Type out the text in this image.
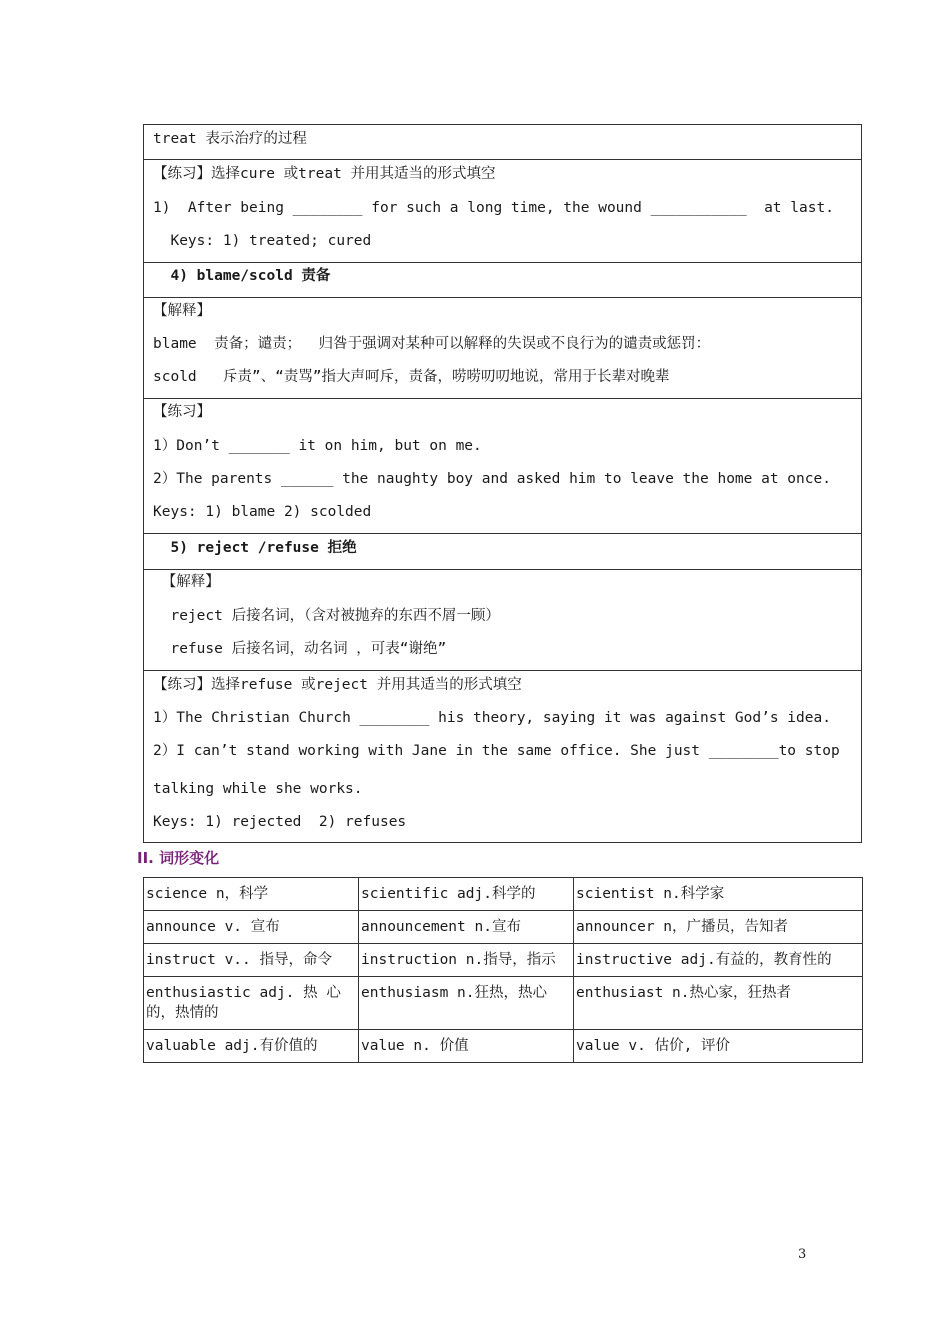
treat 表示治疗的过程
【练习】选择cure 或treat 并用其适当的形式填空
1)  After being ________ for such a long time, the wound ___________  at last.
Keys: 1) treated; cured
4) blame/scold 责备
【解释】
blame  责备；谴责；  归咎于强调对某种可以解释的失误或不良行为的谴责或惩罚：
scold   斥责”、“责骂”指大声呵斥，责备，唠唠叨叨地说，常用于长辈对晚辈
【练习】
1）Don’t _______ it on him, but on me.
2）The parents ______ the naughty boy and asked him to leave the home at once.
Keys: 1) blame 2) scolded
5) reject /refuse 拒绝
【解释】
reject 后接名词，（含对被抛弃的东西不屑一顾）
refuse 后接名词，动名词 ，可表“谢绝”
【练习】选择refuse 或reject 并用其适当的形式填空
1）The Christian Church ________ his theory, saying it was against God’s idea.
2）I can’t stand working with Jane in the same office. She just ________to stop
talking while she works.
Keys: 1) rejected  2) refuses
II. 词形变化
science n，科学	scientific adj.科学的	scientist n.科学家
announce v. 宣布	announcement n.宣布	announcer n，广播员，告知者
instruct v.. 指导，命令	instruction n.指导，指示	instructive adj.有益的，教育性的
enthusiastic adj. 热 心的，热情的	enthusiasm n.狂热，热心	enthusiast n.热心家，狂热者
valuable adj.有价值的	value n. 价值	value v. 估价, 评价
3
